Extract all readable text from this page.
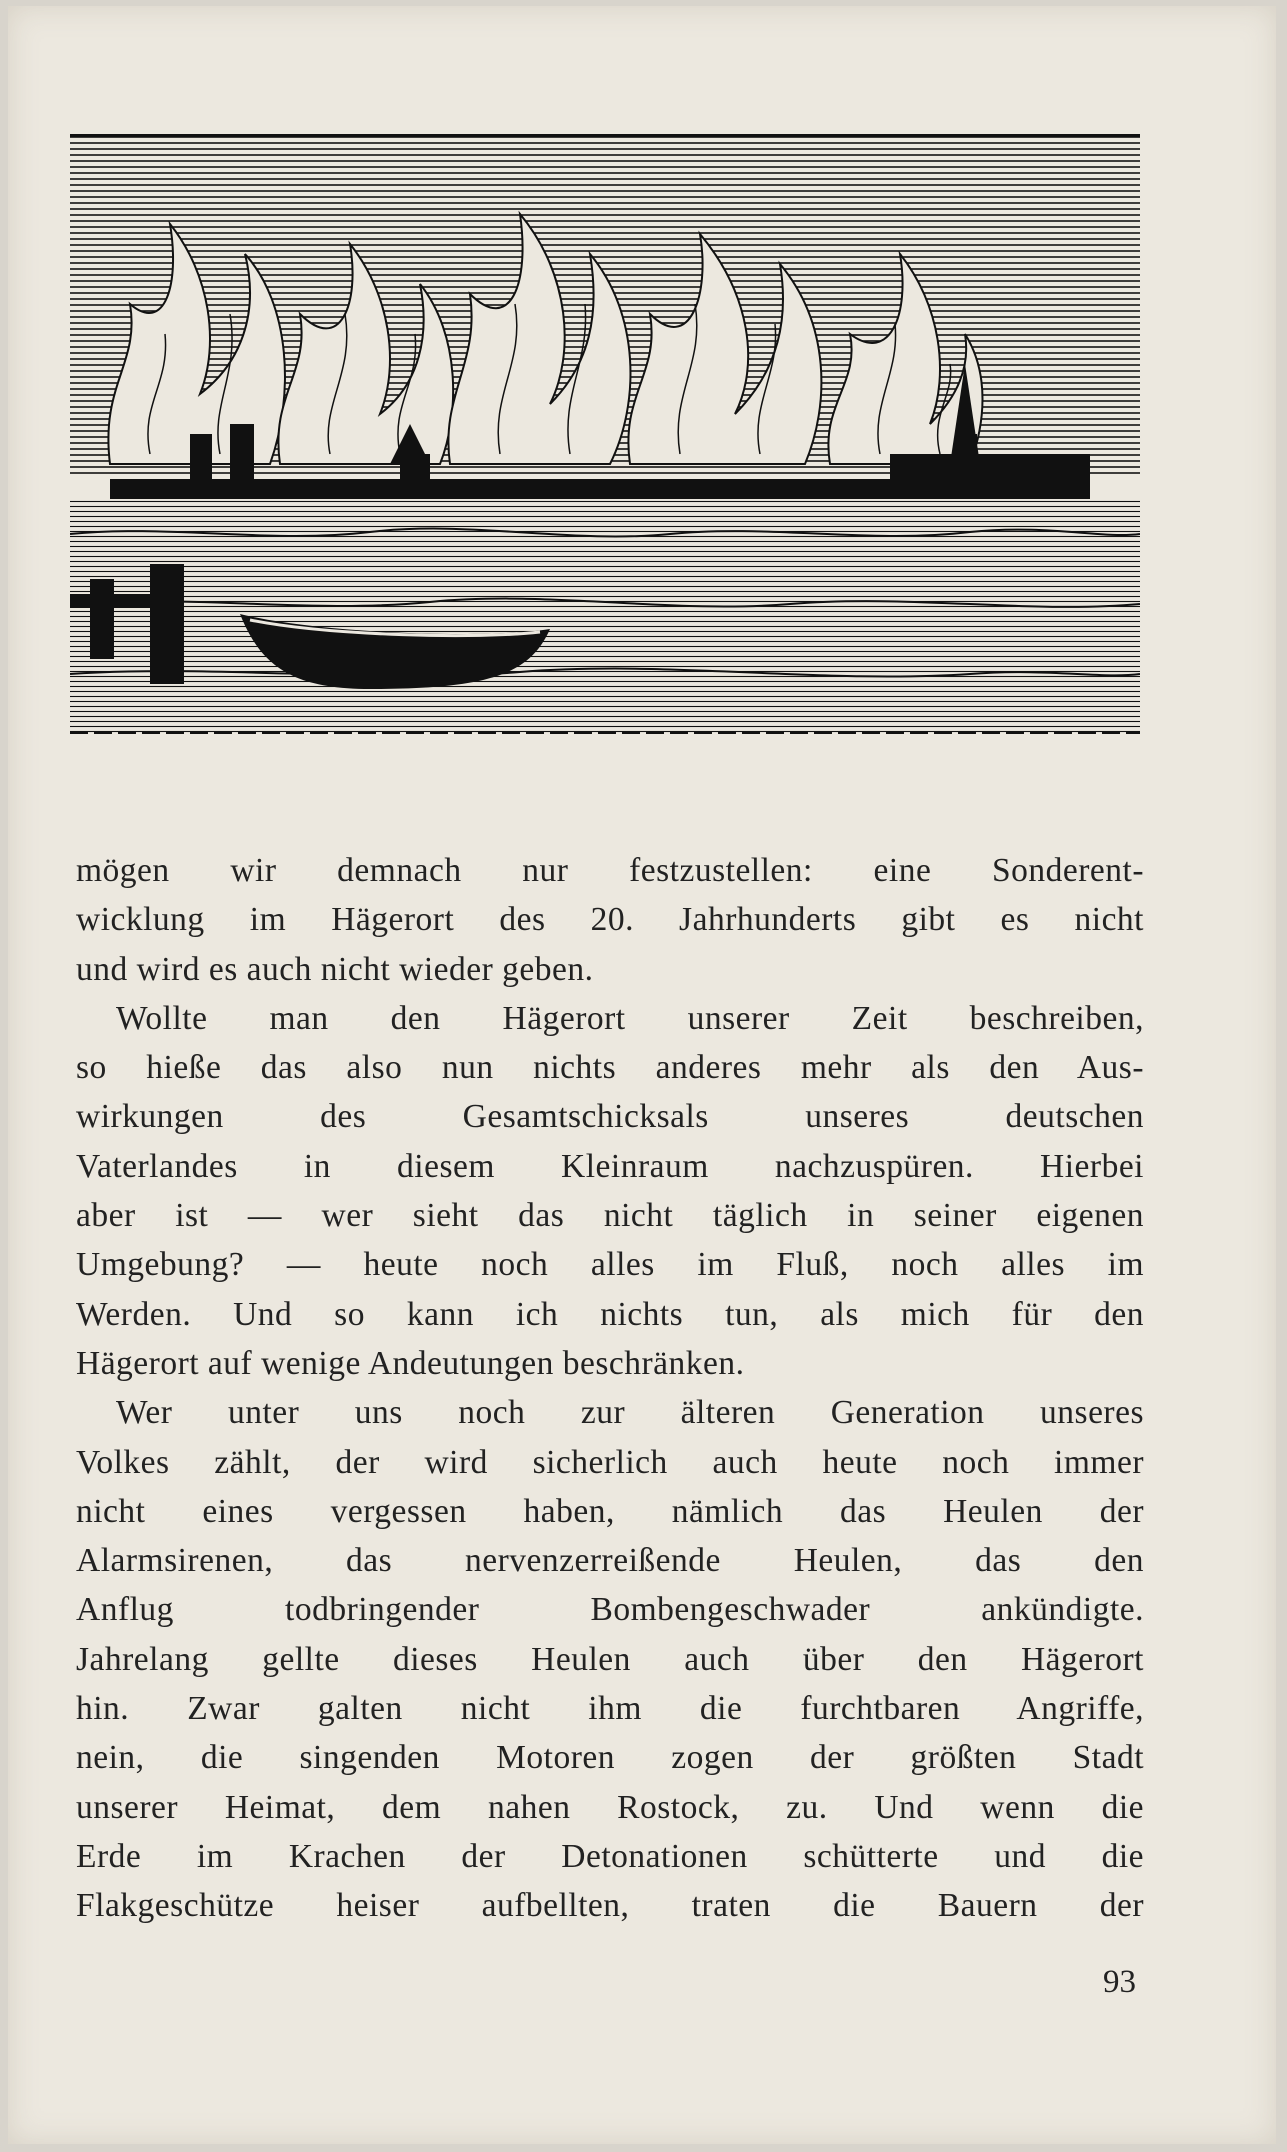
mögen wir demnach nur festzustellen: eine Sonderent-
wicklung im Hägerort des 20. Jahrhunderts gibt es nicht
und wird es auch nicht wieder geben.
Wollte man den Hägerort unserer Zeit beschreiben,
so hieße das also nun nichts anderes mehr als den Aus-
wirkungen des Gesamtschicksals unseres deutschen
Vaterlandes in diesem Kleinraum nachzuspüren. Hierbei
aber ist — wer sieht das nicht täglich in seiner eigenen
Umgebung? — heute noch alles im Fluß, noch alles im
Werden. Und so kann ich nichts tun, als mich für den
Hägerort auf wenige Andeutungen beschränken.
Wer unter uns noch zur älteren Generation unseres
Volkes zählt, der wird sicherlich auch heute noch immer
nicht eines vergessen haben, nämlich das Heulen der
Alarmsirenen, das nervenzerreißende Heulen, das den
Anflug todbringender Bombengeschwader ankündigte.
Jahrelang gellte dieses Heulen auch über den Hägerort
hin. Zwar galten nicht ihm die furchtbaren Angriffe,
nein, die singenden Motoren zogen der größten Stadt
unserer Heimat, dem nahen Rostock, zu. Und wenn die
Erde im Krachen der Detonationen schütterte und die
Flakgeschütze heiser aufbellten, traten die Bauern der
93
